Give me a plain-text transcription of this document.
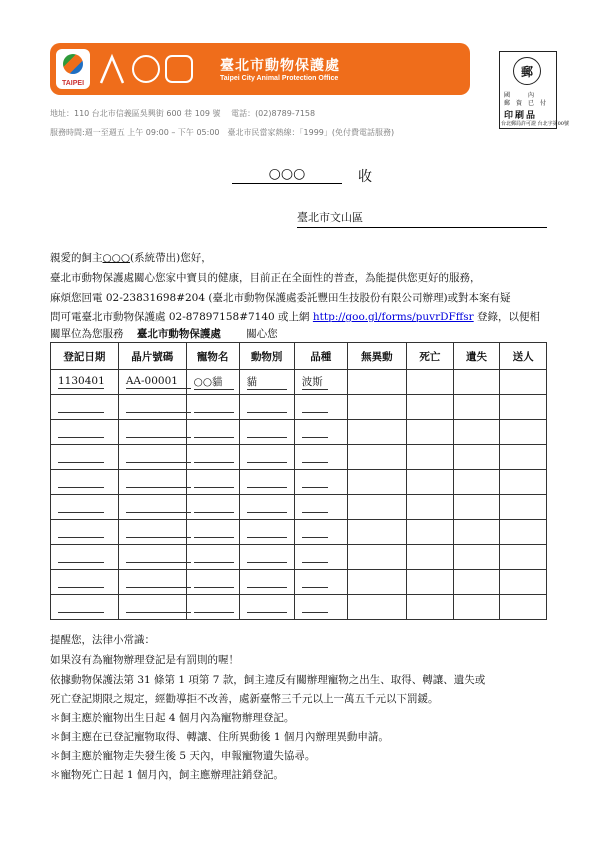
TAIPEI
臺北市動物保護處
Taipei City Animal Protection Office	郵
國　　　內
郵　資　已　付
印刷品
台北郵局許可證 台北字第00號
地址：110 台北市信義區吳興街 600 巷 109 號　 電話：(02)8789-7158
服務時間:週一至週五 上午 09:00 – 下午 05:00　臺北市民當家熱線：「1999」(免付費電話服務)
○○○	收
臺北市文山區
親愛的飼主○○○(系統帶出)您好，
臺北市動物保護處關心您家中寶貝的健康，目前正在全面性的普查，為能提供您更好的服務，
麻煩您回電 02-23831698#204 (臺北市動物保護處委託豐田生技股份有限公司辦理)或對本案有疑
問可電臺北市動物保護處 02-87897158#7140 或上網 http://goo.gl/forms/puvrDFffsr 登錄，以便相
關單位為您服務 臺北市動物保護處 關心您
登記日期	晶片號碼	寵物名	動物別	品種	無異動	死亡	遺失	送人
1130401	AA-00001	○○貓	貓	波斯				

提醒您，法律小常識：
如果沒有為寵物辦理登記是有罰則的喔！
依據動物保護法第 31 條第 1 項第 7 款，飼主違反有關辦理寵物之出生、取得、轉讓、遺失或
死亡登記期限之規定，經勸導拒不改善，處新臺幣三千元以上一萬五千元以下罰鍰。
＊飼主應於寵物出生日起 4 個月內為寵物辦理登記。
＊飼主應在已登記寵物取得、轉讓、住所異動後 1 個月內辦理異動申請。
＊飼主應於寵物走失發生後 5 天內，申報寵物遺失協尋。
＊寵物死亡日起 1 個月內，飼主應辦理註銷登記。
